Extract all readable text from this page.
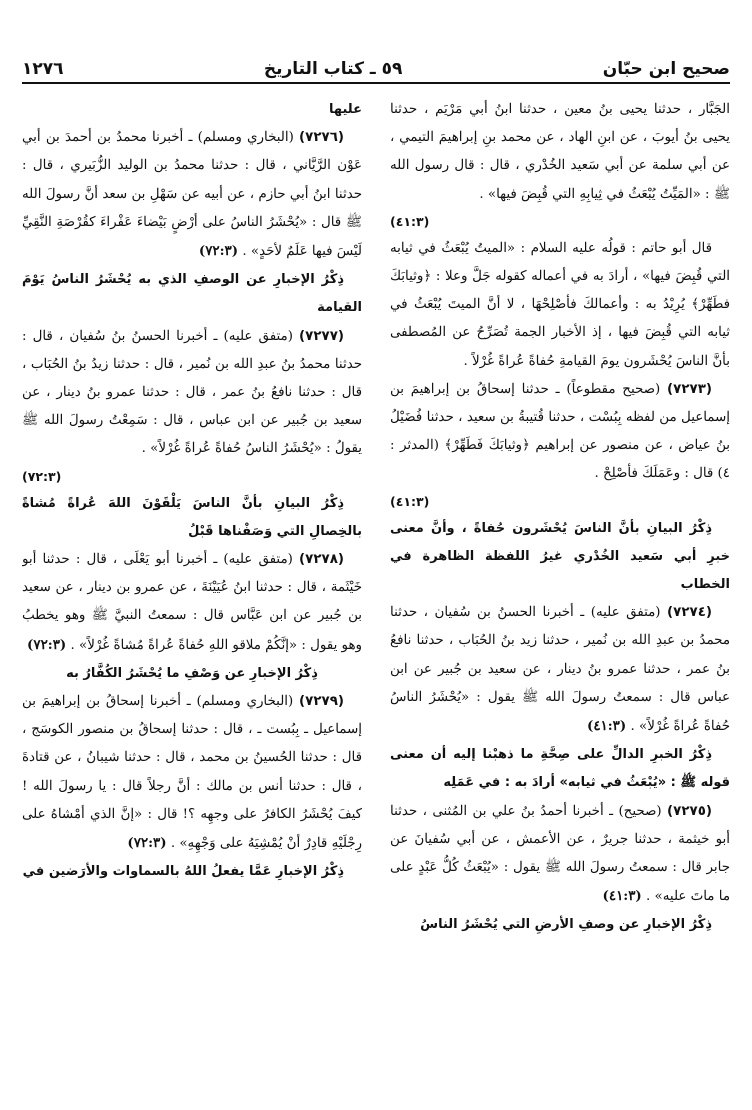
صحيح ابن حبّان
٥٩ ـ كتاب التاريخ
١٢٧٦

الجَبَّار ، حدثنا يحيى بنُ معين ، حدثنا ابنُ أبي مَرْيَم ، حدثنا يحيى بنُ أيوبَ ، عن ابنِ الهاد ، عن محمد بنِ إبراهيمَ التيمي ، عن أبي سلمة عن أبي سَعيد الخُدْري ، قال : قال رسول الله ﷺ : «المَيِّتُ يُبْعَثُ في ثِيابِهِ التي قُبِضَ فيها» .

(٤١:٣)

قال أبو حاتم : قولُه عليه السلام : «الميتُ يُبْعَثُ في ثيابه التي قُبِضَ فيها» ، أرادَ به في أعماله كقوله جَلَّ وعلا : ﴿وثيابَكَ فطَهِّرْ﴾ يُرِيْدُ به : وأعمالكَ فأصْلِحْهَا ، لا أنَّ الميتَ يُبْعَثُ في ثيابه التي قُبِضَ فيها ، إذ الأخبار الجمة تُصَرِّحُ عن المُصطفى بأنَّ الناسَ يُحْشَرون يومَ القيامةِ حُفاةً عُراةً غُرْلاً .

(٧٢٧٣) (صحيح مقطوعاً) ـ حدثنا إسحاقُ بن إبراهيمَ بن إسماعيل من لفظه بِبُسْت ، حدثنا قُتيبةُ بن سعيد ، حدثنا فُضَيْلُ بنُ عياض ، عن منصور عن إبراهيم ﴿وثيابَكَ فَطَهِّرْ﴾ (المدثر : ٤) قال : وعَمَلَكَ فأصْلِحْ .

(٤١:٣)

ذِكْرُ البيانِ بأنَّ الناسَ يُحْشَرون حُفاةً ، وأنَّ معنى خبرِ أبي سَعيد الخُدْري غيرُ اللفظة الظاهرة في الخطاب

(٧٢٧٤) (متفق عليه) ـ أخبرنا الحسنُ بن سُفيان ، حدثنا محمدُ بن عبدِ الله بن نُمير ، حدثنا زيد بنُ الحُبَاب ، حدثنا نافعُ بنُ عمر ، حدثنا عمرو بنُ دينار ، عن سعيد بن جُبير عن ابن عباس قال : سمعتُ رسولَ الله ﷺ يقول : «يُحْشَرُ الناسُ حُفاةً عُراةً غُرْلاً» . (٤١:٣)

ذِكْرُ الخبرِ الدالِّ على صِحَّةِ ما ذهبْنا إليه أن معنى قوله ﷺ : «يُبْعَثُ في ثيابه» أرادَ به : في عَمَلِه

(٧٢٧٥) (صحيح) ـ أخبرنا أحمدُ بنُ علي بن المُثنى ، حدثنا أبو خيثمة ، حدثنا جريرٌ ، عن الأعمش ، عن أبي سُفيانَ عن جابر قال : سمعتُ رسولَ الله ﷺ يقول : «يُبْعَثُ كُلُّ عَبْدٍ على ما ماتَ عليه» . (٤١:٣)

ذِكْرُ الإخبارِ عن وصفِ الأرضِ التي يُحْشَرُ الناسُ

عليها

(٧٢٧٦) (البخاري ومسلم) ـ أخبرنا محمدُ بن أحمدَ بن أبي عَوْن الرَّيَّاني ، قال : حدثنا محمدُ بن الوليد الزُّبَيري ، قال : حدثنا ابنُ أبي حازم ، عن أبيه عن سَهْلِ بن سعد أنَّ رسولَ الله ﷺ قال : «يُحْشَرُ الناسُ على أرْضٍ بَيْضاءَ عَفْراءَ كقُرْصَةِ النَّقِيِّ لَيْسَ فيها عَلَمٌ لأحَدٍ» . (٧٢:٣)

ذِكْرُ الإخبارِ عن الوصفِ الذي به يُحْشَرُ الناسُ يَوْمَ القيامة

(٧٢٧٧) (متفق عليه) ـ أخبرنا الحسنُ بنُ سُفيان ، قال : حدثنا محمدُ بنُ عبدِ الله بن نُمير ، قال : حدثنا زيدُ بنُ الحُبَاب ، قال : حدثنا نافعُ بنُ عمر ، قال : حدثنا عمرو بنُ دينار ، عن سعيد بن جُبير عن ابن عباس ، قال : سَمِعْتُ رسولَ الله ﷺ يقولُ : «يُحْشَرُ الناسُ حُفاةً عُراةً غُرْلاً» .

(٧٢:٣)

ذِكْرُ البيانِ بأنَّ الناسَ يَلْقَوْنَ اللهَ عُراةً مُشاةً بالخِصالِ التي وَصَفْناها قَبْلُ

(٧٢٧٨) (متفق عليه) ـ أخبرنا أبو يَعْلَى ، قال : حدثنا أبو خَيْثَمة ، قال : حدثنا ابنُ عُيَيْنَةَ ، عن عمرو بن دينار ، عن سعيد بن جُبير عن ابن عَبَّاس قال : سمعتُ النبيَّ ﷺ وهو يخطبُ وهو يقول : «إنَّكُمْ ملاقو اللهِ حُفاةً عُراةً مُشاةً غُرْلاً» . (٧٢:٣)

ذِكْرُ الإخبارِ عن وَصْفِ ما يُحْشَرُ الكُفَّارُ به

(٧٢٧٩) (البخاري ومسلم) ـ أخبرنا إسحاقُ بن إبراهيمَ بن إسماعيل ـ بِبُست ـ ، قال : حدثنا إسحاقُ بن منصور الكوسَج ، قال : حدثنا الحُسينُ بن محمد ، قال : حدثنا شيبانُ ، عن قتادةَ ، قال : حدثنا أنس بن مالك : أنَّ رجلاً قال : يا رسولَ الله ! كيفَ يُحْشَرُ الكافرُ على وجهِه ؟! قال : «إنَّ الذي أمْشاهُ على رِجْلَيْهِ قادِرٌ أنْ يُمْشِيَهُ على وَجْهِهِ» . (٧٢:٣)

ذِكْرُ الإخبارِ عَمَّا يفعلُ اللهُ بالسماوات والأرَضين في
